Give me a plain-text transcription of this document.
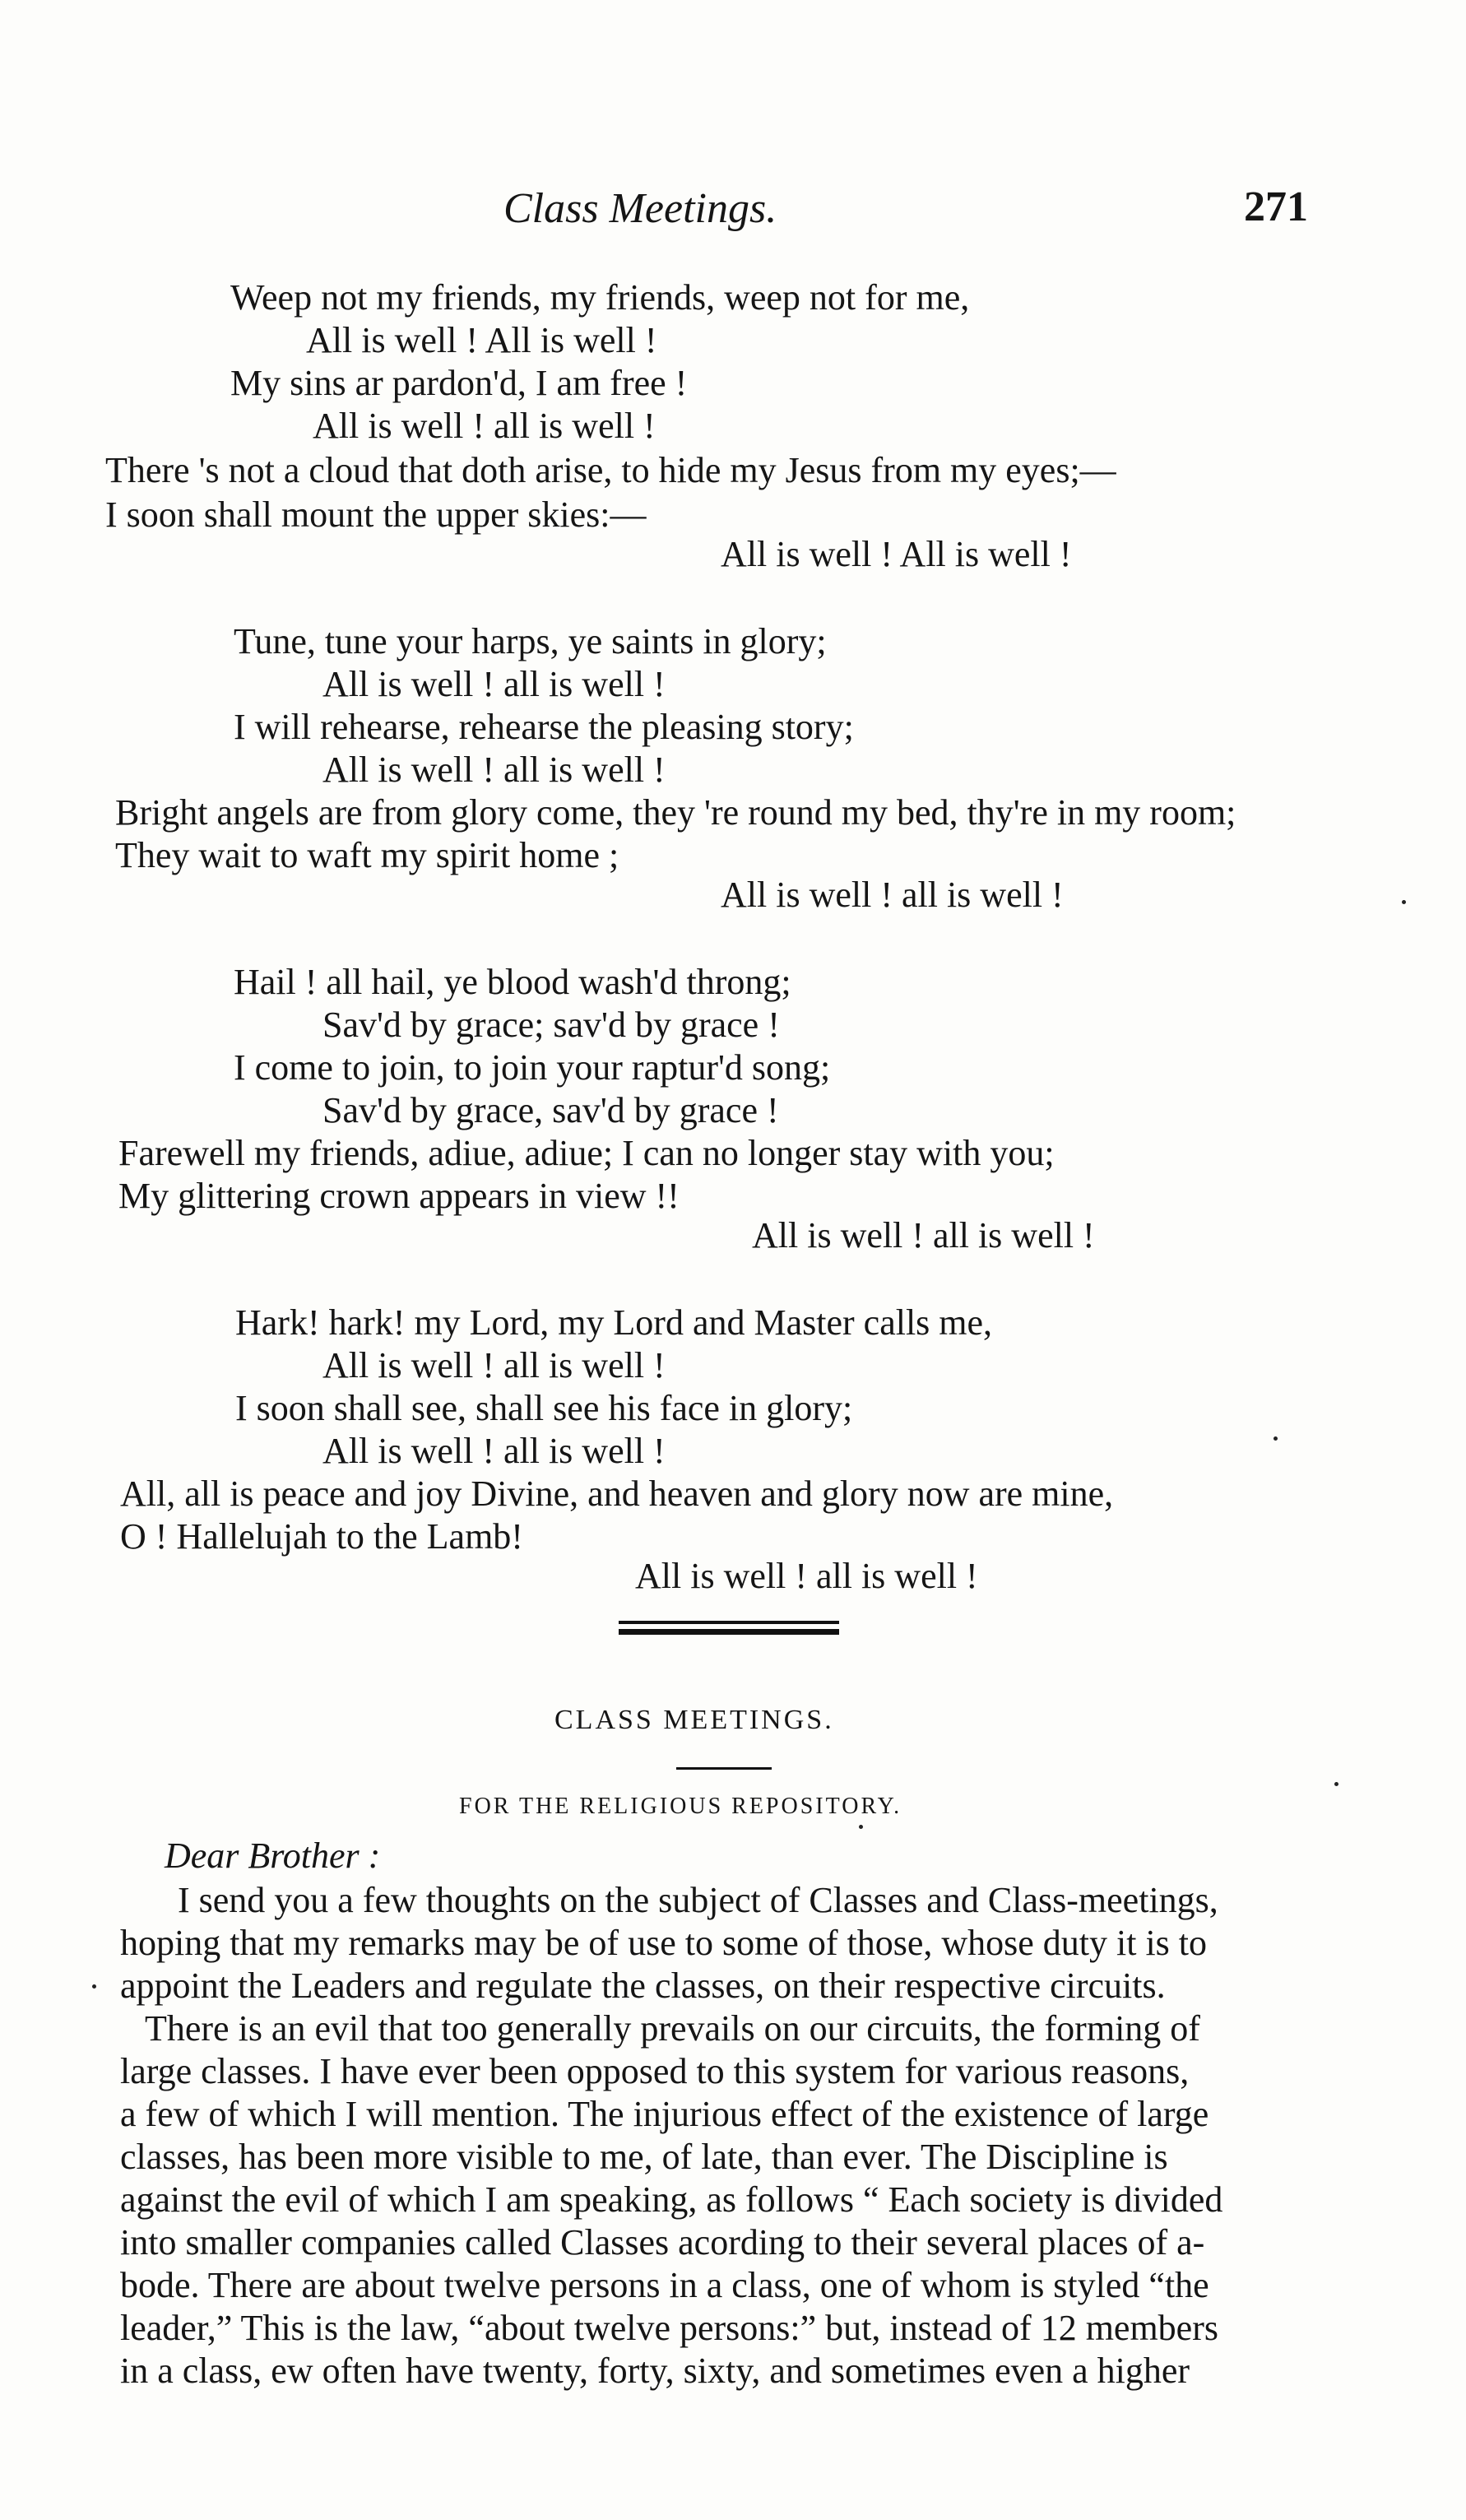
Class Meetings.	271
Weep not my friends, my friends, weep not for me,
All is well ! All is well !
My sins ar pardon'd, I am free !
All is well ! all is well !
There 's not a cloud that doth arise, to hide my Jesus from my eyes;—
I soon shall mount the upper skies:—
All is well ! All is well !
Tune, tune your harps, ye saints in glory;
All is well ! all is well !
I will rehearse, rehearse the pleasing story;
All is well ! all is well !
Bright angels are from glory come, they 're round my bed, thy're in my room;
They wait to waft my spirit home ;
All is well ! all is well !
Hail ! all hail, ye blood wash'd throng;
Sav'd by grace; sav'd by grace !
I come to join, to join your raptur'd song;
Sav'd by grace, sav'd by grace !
Farewell my friends, adiue, adiue; I can no longer stay with you;
My glittering crown appears in view !!
All is well ! all is well !
Hark! hark! my Lord, my Lord and Master calls me,
All is well ! all is well !
I soon shall see, shall see his face in glory;
All is well ! all is well !
All, all is peace and joy Divine, and heaven and glory now are mine,
O ! Hallelujah to the Lamb!
All is well ! all is well !
CLASS MEETINGS.
FOR THE RELIGIOUS REPOSITORY.
Dear Brother :
I send you a few thoughts on the subject of Classes and Class-meetings,
hoping that my remarks may be of use to some of those, whose duty it is to
appoint the Leaders and regulate the classes, on their respective circuits.
There is an evil that too generally prevails on our circuits, the forming of
large classes. I have ever been opposed to this system for various reasons,
a few of which I will mention. The injurious effect of the existence of large
classes, has been more visible to me, of late, than ever. The Discipline is
against the evil of which I am speaking, as follows “ Each society is divided
into smaller companies called Classes acording to their several places of a-
bode. There are about twelve persons in a class, one of whom is styled “the
leader,” This is the law, “about twelve persons:” but, instead of 12 members
in a class, ew often have twenty, forty, sixty, and sometimes even a higher
